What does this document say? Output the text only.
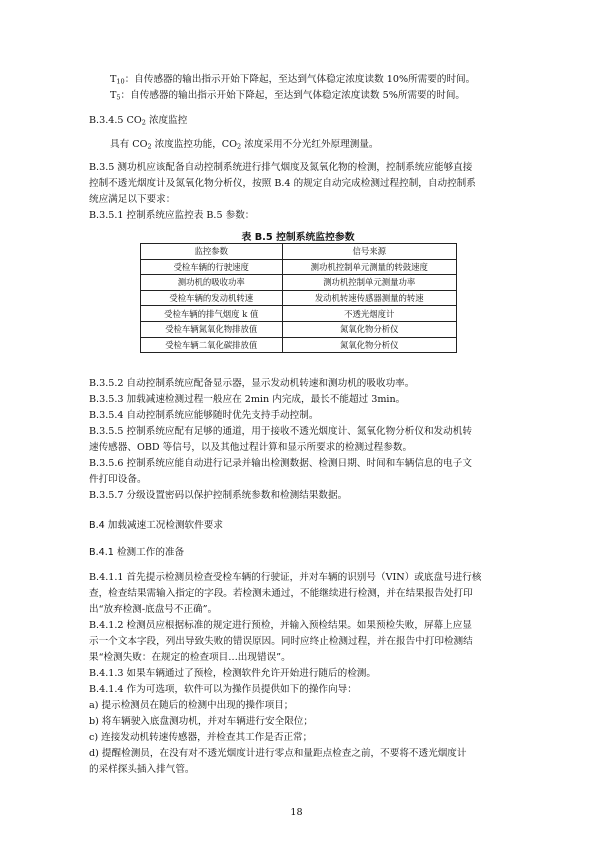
$T_{10}$：自传感器的输出指示开始下降起，至达到气体稳定浓度读数 10%所需要的时间。
$T_5$：自传感器的输出指示开始下降起，至达到气体稳定浓度读数 5%所需要的时间。
B.3.4.5 $CO_2$ 浓度监控
具有 $CO_2$ 浓度监控功能，$CO_2$ 浓度采用不分光红外原理测量。
B.3.5 测功机应该配备自动控制系统进行排气烟度及氮氧化物的检测，控制系统应能够直接
控制不透光烟度计及氮氧化物分析仪，按照 B.4 的规定自动完成检测过程控制，自动控制系
统应满足以下要求：
B.3.5.1 控制系统应监控表 B.5 参数：
表 B.5 控制系统监控参数
监控参数	信号来源
受检车辆的行驶速度	测功机控制单元测量的转鼓速度
测功机的吸收功率	测功机控制单元测量功率
受检车辆的发动机转速	发动机转速传感器测量的转速
受检车辆的排气烟度 k 值	不透光烟度计
受检车辆氮氧化物排放值	氮氧化物分析仪
受检车辆二氧化碳排放值	氮氧化物分析仪
B.3.5.2 自动控制系统应配备显示器，显示发动机转速和测功机的吸收功率。
B.3.5.3 加载减速检测过程一般应在 2min 内完成，最长不能超过 3min。
B.3.5.4 自动控制系统应能够随时优先支持手动控制。
B.3.5.5 控制系统应配有足够的通道，用于接收不透光烟度计、氮氧化物分析仪和发动机转
速传感器、OBD 等信号，以及其他过程计算和显示所要求的检测过程参数。
B.3.5.6 控制系统应能自动进行记录并输出检测数据、检测日期、时间和车辆信息的电子文
件打印设备。
B.3.5.7 分级设置密码以保护控制系统参数和检测结果数据。
B.4 加载减速工况检测软件要求
B.4.1 检测工作的准备
B.4.1.1 首先提示检测员检查受检车辆的行驶证，并对车辆的识别号（VIN）或底盘号进行核
查，检查结果需输入指定的字段。若检测未通过，不能继续进行检测，并在结果报告处打印
出“放弃检测-底盘号不正确”。
B.4.1.2 检测员应根据标准的规定进行预检，并输入预检结果。如果预检失败，屏幕上应显
示一个文本字段，列出导致失败的错误原因。同时应终止检测过程，并在报告中打印检测结
果“检测失败：在规定的检查项目…出现错误”。
B.4.1.3 如果车辆通过了预检，检测软件允许开始进行随后的检测。
B.4.1.4 作为可选项，软件可以为操作员提供如下的操作向导：
a) 提示检测员在随后的检测中出现的操作项目；
b) 将车辆驶入底盘测功机，并对车辆进行安全限位；
c) 连接发动机转速传感器，并检查其工作是否正常；
d) 提醒检测员，在没有对不透光烟度计进行零点和量距点检查之前，不要将不透光烟度计
的采样探头插入排气管。
18
